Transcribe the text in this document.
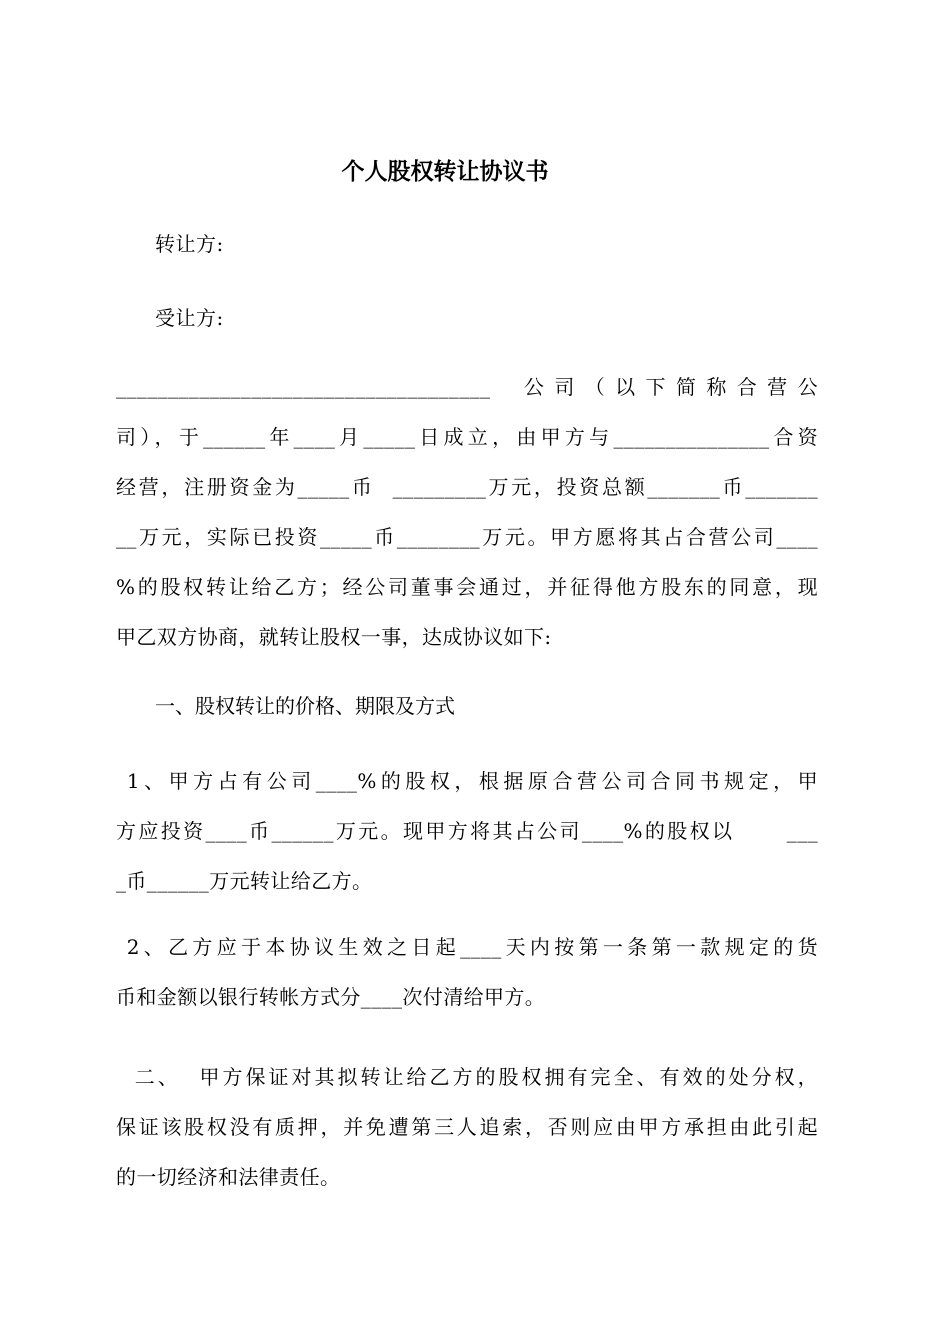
个人股权转让协议书
转让方:
受让方:
____________________________________  公司（以下简称合营公
司），于______年____月_____日成立，由甲方与_______________合资
经营，注册资金为_____币  _________万元，投资总额_______币_______
__万元，实际已投资_____币________万元。甲方愿将其占合营公司____
%的股权转让给乙方；经公司董事会通过，并征得他方股东的同意，现
甲乙双方协商，就转让股权一事，达成协议如下:
一、股权转让的价格、期限及方式
1、甲方占有公司____%的股权，根据原合营公司合同书规定，甲
方应投资____币______万元。现甲方将其占公司____%的股权以      ___
_币______万元转让给乙方。
2、乙方应于本协议生效之日起____天内按第一条第一款规定的货
币和金额以银行转帐方式分____次付清给甲方。
二、  甲方保证对其拟转让给乙方的股权拥有完全、有效的处分权，
保证该股权没有质押，并免遭第三人追索，否则应由甲方承担由此引起
的一切经济和法律责任。
